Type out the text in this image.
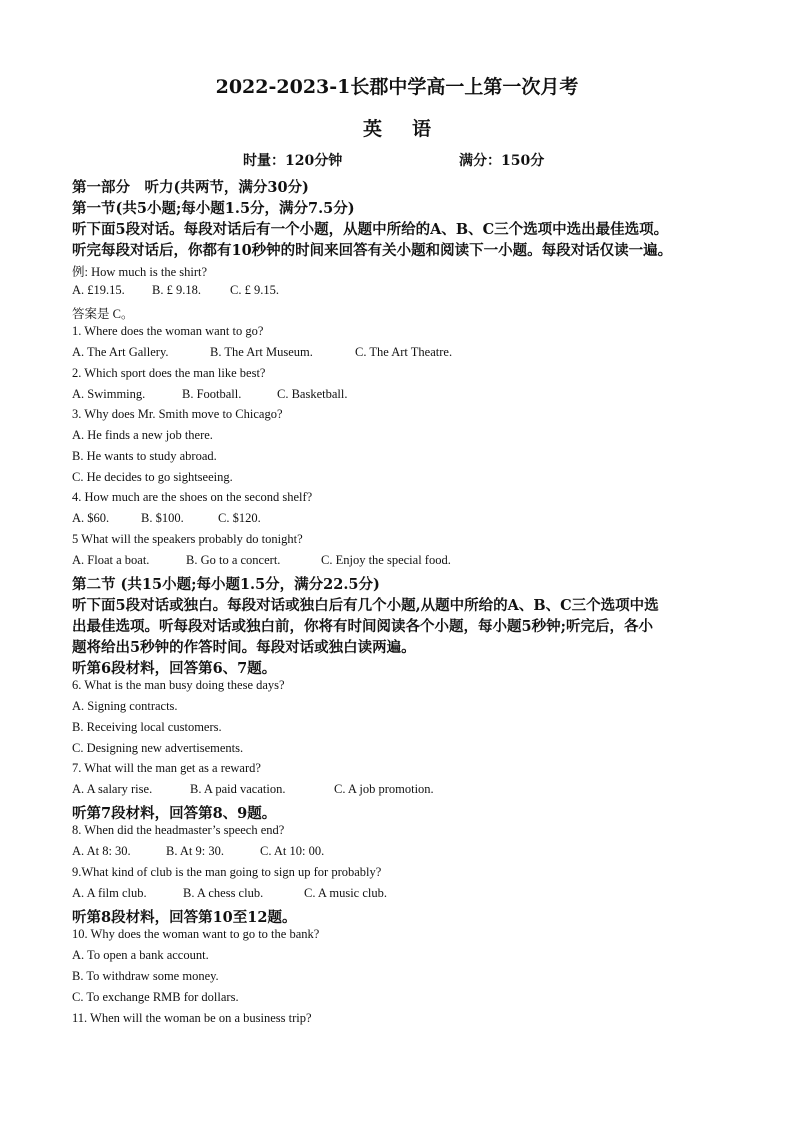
2022-2023-1长郡中学高一上第一次月考
英语
时量：120分钟	满分：150分
第一部分　听力(共两节，满分30分)
第一节(共5小题;每小题1.5分，满分7.5分)
听下面5段对话。每段对话后有一个小题，从题中所给的A、B、C三个选项中选出最佳选项。
听完每段对话后，你都有10秒钟的时间来回答有关小题和阅读下一小题。每段对话仅读一遍。
例: How much is the shirt?
A. £19.15. B. £ 9.18. C. £ 9.15.
答案是 C。
1. Where does the woman want to go?
A. The Art Gallery.	B. The Art Museum.	C. The Art Theatre.
2. Which sport does the man like best?
A. Swimming.	B. Football.	C. Basketball.
3. Why does Mr. Smith move to Chicago?
A. He finds a new job there.
B. He wants to study abroad.
C. He decides to go sightseeing.
4. How much are the shoes on the second shelf?
A. $60.	B. $100.	C. $120.
5 What will the speakers probably do tonight?
A. Float a boat.	B. Go to a concert.	C. Enjoy the special food.
第二节 (共15小题;每小题1.5分，满分22.5分)
听下面5段对话或独白。每段对话或独白后有几个小题,从题中所给的A、B、C三个选项中选
出最佳选项。听每段对话或独白前，你将有时间阅读各个小题，每小题5秒钟;听完后，各小
题将给出5秒钟的作答时间。每段对话或独白读两遍。
听第6段材料，回答第6、7题。
6. What is the man busy doing these days?
A. Signing contracts.
B. Receiving local customers.
C. Designing new advertisements.
7. What will the man get as a reward?
A. A salary rise.	B. A paid vacation.	C. A job promotion.
听第7段材料，回答第8、9题。
8. When did the headmaster’s speech end?
A. At 8: 30.	B. At 9: 30.	C. At 10: 00.
9.What kind of club is the man going to sign up for probably?
A. A film club.	B. A chess club.	C. A music club.
听第8段材料，回答第10至12题。
10. Why does the woman want to go to the bank?
A. To open a bank account.
B. To withdraw some money.
C. To exchange RMB for dollars.
11. When will the woman be on a business trip?
